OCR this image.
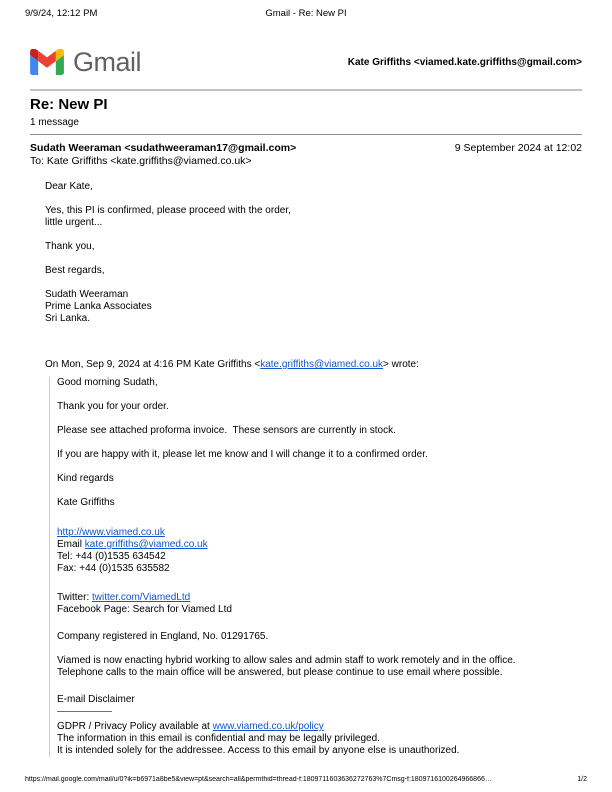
9/9/24, 12:12 PM	Gmail - Re: New PI
Gmail	Kate Griffiths <viamed.kate.griffiths@gmail.com>
Re: New PI
1 message
Sudath Weeraman <sudathweeraman17@gmail.com>	9 September 2024 at 12:02
To: Kate Griffiths <kate.griffiths@viamed.co.uk>
Dear Kate,
Yes, this PI is confirmed, please proceed with the order,
little urgent...
Thank you,
Best regards,
Sudath Weeraman
Prime Lanka Associates
Sri Lanka.
On Mon, Sep 9, 2024 at 4:16 PM Kate Griffiths <kate.griffiths@viamed.co.uk> wrote:
Good morning Sudath,
Thank you for your order.
Please see attached proforma invoice.  These sensors are currently in stock.
If you are happy with it, please let me know and I will change it to a confirmed order.
Kind regards
Kate Griffiths
http://www.viamed.co.uk
Email kate.griffiths@viamed.co.uk
Tel: +44 (0)1535 634542
Fax: +44 (0)1535 635582
Twitter: twitter.com/ViamedLtd
Facebook Page: Search for Viamed Ltd
Company registered in England, No. 01291765.
Viamed is now enacting hybrid working to allow sales and admin staff to work remotely and in the office.
Telephone calls to the main office will be answered, but please continue to use email where possible.
E-mail Disclaimer
GDPR / Privacy Policy available at www.viamed.co.uk/policy
The information in this email is confidential and may be legally privileged.
It is intended solely for the addressee. Access to this email by anyone else is unauthorized.
https://mail.google.com/mail/u/0?ik=b6971a8be5&view=pt&search=all&permthid=thread-f:1809711603636272763%7Cmsg-f:1809716100264966866…	1/2
